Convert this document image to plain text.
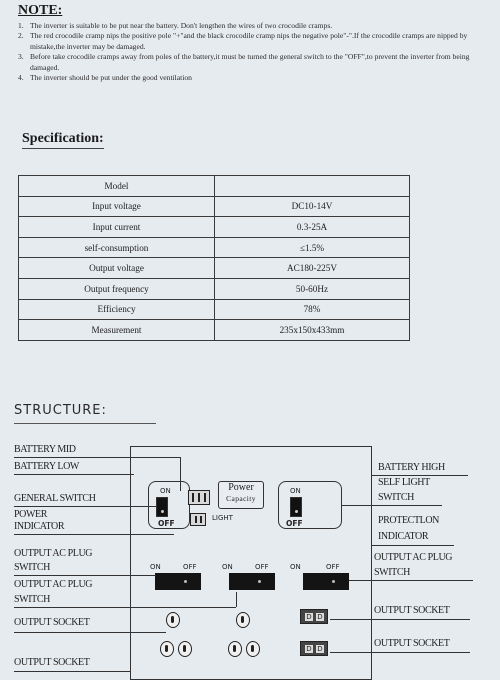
NOTE:
1. The inverter is suitable to be put near the battery. Don't lengthen the wires of two crocodile cramps.
2. The red crocodile cramp nips the positive pole "+"and the black crocodile cramp nips the negative pole"-".If the crocodile cramps are nipped by mistake,the inverter may be damaged.
3. Before take crocodile cramps away from poles of the battery,it must be turned the general switch to the "OFF",to prevent the inverter from being damaged.
4. The inverter should be put under the good ventilation
Specification:
Model	
Input voltage	DC10-14V
Input current	0.3-25A
self-consumption	≤1.5%
Output voltage	AC180-225V
Output frequency	50-60Hz
Efficiency	78%
Measurement	235x150x433mm
STRUCTURE:
ON
OFF
LIGHT
Power
Capacity
ON
OFF
ON	OFF	ON	OFF	ON	OFF
D D
D D
BATTERY MID
BATTERY LOW
GENERAL SWITCH
POWER
INDICATOR
OUTPUT AC PLUG
SWITCH
OUTPUT AC PLUG
SWITCH
OUTPUT SOCKET
OUTPUT SOCKET
BATTERY HIGH
SELF LIGHT
SWITCH
PROTECTLON
INDICATOR
OUTPUT AC PLUG
SWITCH
OUTPUT SOCKET
OUTPUT SOCKET
